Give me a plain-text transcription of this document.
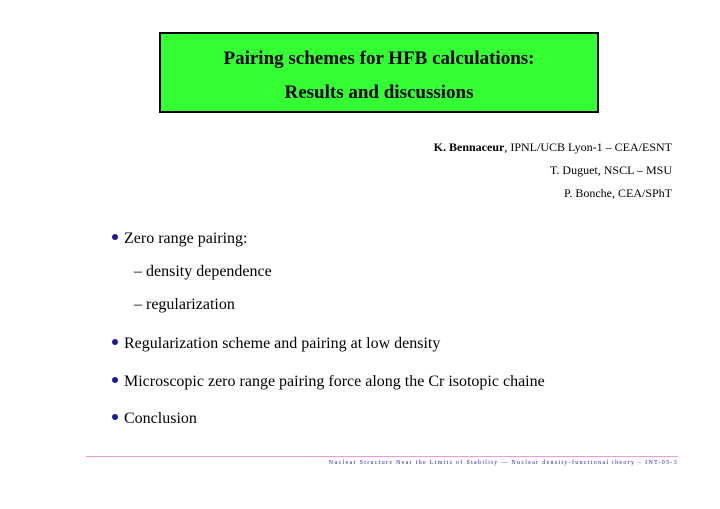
Pairing schemes for HFB calculations:
Results and discussions
K. Bennaceur, IPNL/UCB Lyon-1 – CEA/ESNT
T. Duguet, NSCL – MSU
P. Bonche, CEA/SPhT
Zero range pairing:
– density dependence
– regularization
Regularization scheme and pairing at low density
Microscopic zero range pairing force along the Cr isotopic chaine
Conclusion
Nuclear Structure Near the Limits of Stability — Nuclear density-functional theory – INT-05-3
